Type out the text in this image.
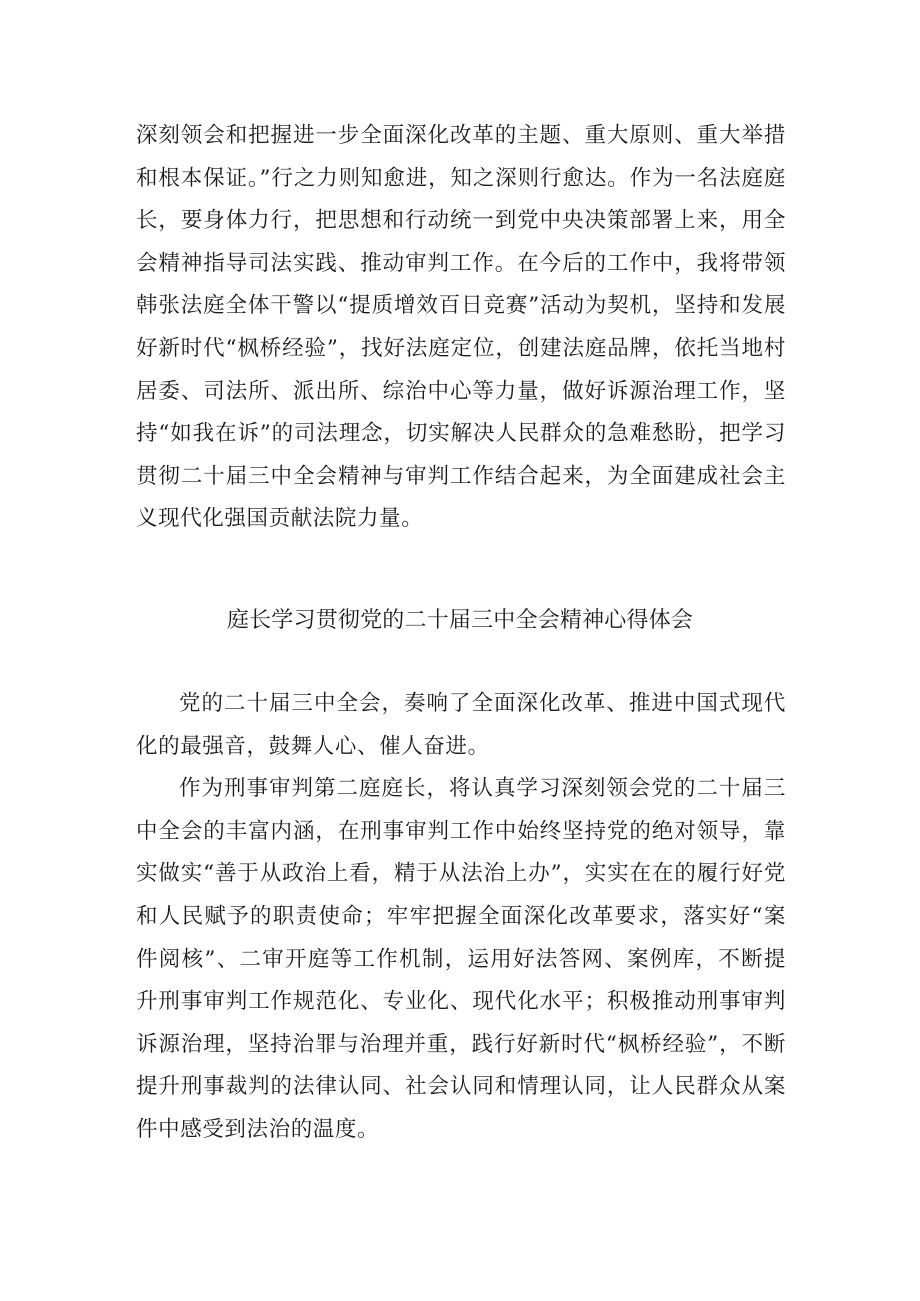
深刻领会和把握进一步全面深化改革的主题、重大原则、重大举措和根本保证。”行之力则知愈进，知之深则行愈达。作为一名法庭庭长，要身体力行，把思想和行动统一到党中央决策部署上来，用全会精神指导司法实践、推动审判工作。在今后的工作中，我将带领韩张法庭全体干警以“提质增效百日竞赛”活动为契机，坚持和发展好新时代“枫桥经验”，找好法庭定位，创建法庭品牌，依托当地村居委、司法所、派出所、综治中心等力量，做好诉源治理工作，坚持“如我在诉”的司法理念，切实解决人民群众的急难愁盼，把学习贯彻二十届三中全会精神与审判工作结合起来，为全面建成社会主义现代化强国贡献法院力量。

庭长学习贯彻党的二十届三中全会精神心得体会

党的二十届三中全会，奏响了全面深化改革、推进中国式现代化的最强音，鼓舞人心、催人奋进。

作为刑事审判第二庭庭长，将认真学习深刻领会党的二十届三中全会的丰富内涵，在刑事审判工作中始终坚持党的绝对领导，靠实做实“善于从政治上看，精于从法治上办”，实实在在的履行好党和人民赋予的职责使命；牢牢把握全面深化改革要求，落实好“案件阅核”、二审开庭等工作机制，运用好法答网、案例库，不断提升刑事审判工作规范化、专业化、现代化水平；积极推动刑事审判诉源治理，坚持治罪与治理并重，践行好新时代“枫桥经验”，不断提升刑事裁判的法律认同、社会认同和情理认同，让人民群众从案件中感受到法治的温度。
